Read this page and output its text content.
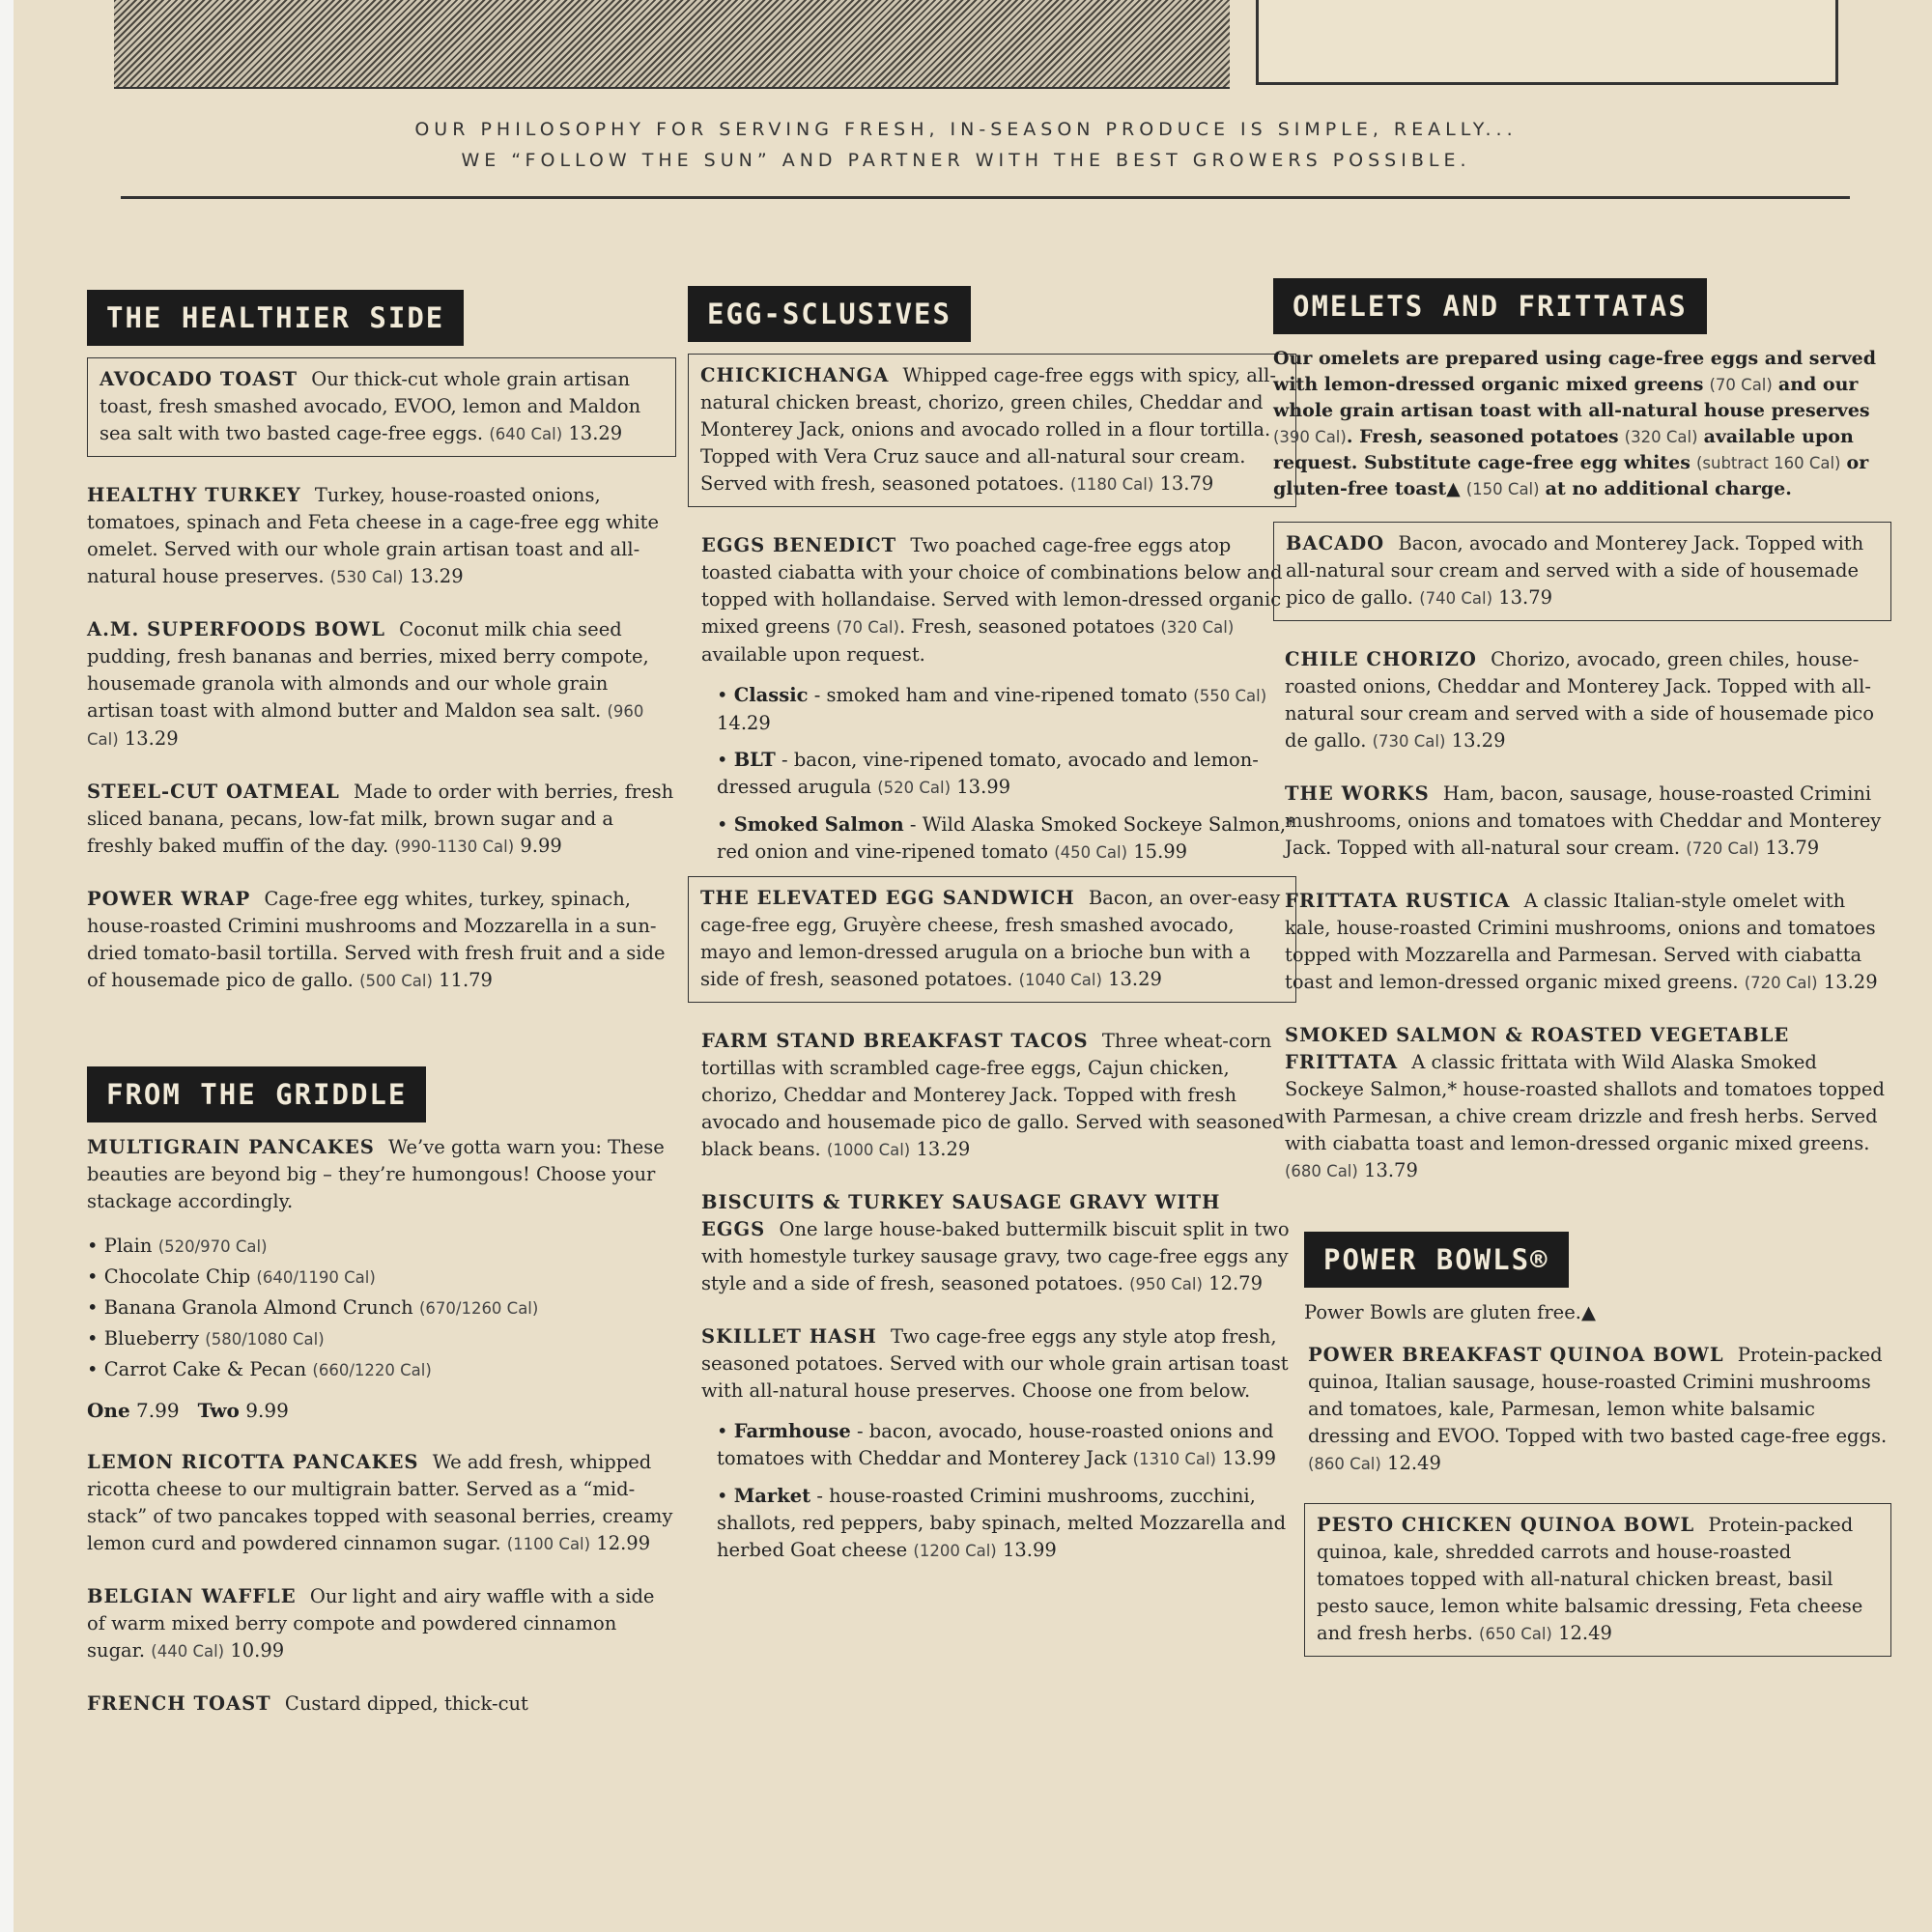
OUR PHILOSOPHY FOR SERVING FRESH, IN-SEASON PRODUCE IS SIMPLE, REALLY...
WE “FOLLOW THE SUN” AND PARTNER WITH THE BEST GROWERS POSSIBLE.
THE HEALTHIER SIDE
AVOCADO TOAST Our thick-cut whole grain artisan toast, fresh smashed avocado, EVOO, lemon and Maldon sea salt with two basted cage-free eggs. (640 Cal) 13.29
HEALTHY TURKEY Turkey, house-roasted onions, tomatoes, spinach and Feta cheese in a cage-free egg white omelet. Served with our whole grain artisan toast and all-natural house preserves. (530 Cal) 13.29
A.M. SUPERFOODS BOWL Coconut milk chia seed pudding, fresh bananas and berries, mixed berry compote, housemade granola with almonds and our whole grain artisan toast with almond butter and Maldon sea salt. (960 Cal) 13.29
STEEL-CUT OATMEAL Made to order with berries, fresh sliced banana, pecans, low-fat milk, brown sugar and a freshly baked muffin of the day. (990-1130 Cal) 9.99
POWER WRAP Cage-free egg whites, turkey, spinach, house-roasted Crimini mushrooms and Mozzarella in a sun-dried tomato-basil tortilla. Served with fresh fruit and a side of housemade pico de gallo. (500 Cal) 11.79
FROM THE GRIDDLE
MULTIGRAIN PANCAKES We’ve gotta warn you: These beauties are beyond big – they’re humongous! Choose your stackage accordingly.
• Plain (520/970 Cal)
• Chocolate Chip (640/1190 Cal)
• Banana Granola Almond Crunch (670/1260 Cal)
• Blueberry (580/1080 Cal)
• Carrot Cake & Pecan (660/1220 Cal)
One 7.99 Two 9.99
LEMON RICOTTA PANCAKES We add fresh, whipped ricotta cheese to our multigrain batter. Served as a “mid-stack” of two pancakes topped with seasonal berries, creamy lemon curd and powdered cinnamon sugar. (1100 Cal) 12.99
BELGIAN WAFFLE Our light and airy waffle with a side of warm mixed berry compote and powdered cinnamon sugar. (440 Cal) 10.99
FRENCH TOAST Custard dipped, thick-cut
EGG-SCLUSIVES
CHICKICHANGA Whipped cage-free eggs with spicy, all-natural chicken breast, chorizo, green chiles, Cheddar and Monterey Jack, onions and avocado rolled in a flour tortilla. Topped with Vera Cruz sauce and all-natural sour cream. Served with fresh, seasoned potatoes. (1180 Cal) 13.79
EGGS BENEDICT Two poached cage-free eggs atop toasted ciabatta with your choice of combinations below and topped with hollandaise. Served with lemon-dressed organic mixed greens (70 Cal). Fresh, seasoned potatoes (320 Cal) available upon request.
• Classic - smoked ham and vine-ripened tomato (550 Cal) 14.29
• BLT - bacon, vine-ripened tomato, avocado and lemon-dressed arugula (520 Cal) 13.99
• Smoked Salmon - Wild Alaska Smoked Sockeye Salmon,* red onion and vine-ripened tomato (450 Cal) 15.99
THE ELEVATED EGG SANDWICH Bacon, an over-easy cage-free egg, Gruyère cheese, fresh smashed avocado, mayo and lemon-dressed arugula on a brioche bun with a side of fresh, seasoned potatoes. (1040 Cal) 13.29
FARM STAND BREAKFAST TACOS Three wheat-corn tortillas with scrambled cage-free eggs, Cajun chicken, chorizo, Cheddar and Monterey Jack. Topped with fresh avocado and housemade pico de gallo. Served with seasoned black beans. (1000 Cal) 13.29
BISCUITS & TURKEY SAUSAGE GRAVY WITH EGGS One large house-baked buttermilk biscuit split in two with homestyle turkey sausage gravy, two cage-free eggs any style and a side of fresh, seasoned potatoes. (950 Cal) 12.79
SKILLET HASH Two cage-free eggs any style atop fresh, seasoned potatoes. Served with our whole grain artisan toast with all-natural house preserves. Choose one from below.
• Farmhouse - bacon, avocado, house-roasted onions and tomatoes with Cheddar and Monterey Jack (1310 Cal) 13.99
• Market - house-roasted Crimini mushrooms, zucchini, shallots, red peppers, baby spinach, melted Mozzarella and herbed Goat cheese (1200 Cal) 13.99
OMELETS AND FRITTATAS
Our omelets are prepared using cage-free eggs and served with lemon-dressed organic mixed greens (70 Cal) and our whole grain artisan toast with all-natural house preserves (390 Cal). Fresh, seasoned potatoes (320 Cal) available upon request. Substitute cage-free egg whites (subtract 160 Cal) or gluten-free toast▲ (150 Cal) at no additional charge.
BACADO Bacon, avocado and Monterey Jack. Topped with all-natural sour cream and served with a side of housemade pico de gallo. (740 Cal) 13.79
CHILE CHORIZO Chorizo, avocado, green chiles, house-roasted onions, Cheddar and Monterey Jack. Topped with all-natural sour cream and served with a side of housemade pico de gallo. (730 Cal) 13.29
THE WORKS Ham, bacon, sausage, house-roasted Crimini mushrooms, onions and tomatoes with Cheddar and Monterey Jack. Topped with all-natural sour cream. (720 Cal) 13.79
FRITTATA RUSTICA A classic Italian-style omelet with kale, house-roasted Crimini mushrooms, onions and tomatoes topped with Mozzarella and Parmesan. Served with ciabatta toast and lemon-dressed organic mixed greens. (720 Cal) 13.29
SMOKED SALMON & ROASTED VEGETABLE FRITTATA A classic frittata with Wild Alaska Smoked Sockeye Salmon,* house-roasted shallots and tomatoes topped with Parmesan, a chive cream drizzle and fresh herbs. Served with ciabatta toast and lemon-dressed organic mixed greens. (680 Cal) 13.79
POWER BOWLS®
Power Bowls are gluten free.▲
POWER BREAKFAST QUINOA BOWL Protein-packed quinoa, Italian sausage, house-roasted Crimini mushrooms and tomatoes, kale, Parmesan, lemon white balsamic dressing and EVOO. Topped with two basted cage-free eggs. (860 Cal) 12.49
PESTO CHICKEN QUINOA BOWL Protein-packed quinoa, kale, shredded carrots and house-roasted tomatoes topped with all-natural chicken breast, basil pesto sauce, lemon white balsamic dressing, Feta cheese and fresh herbs. (650 Cal) 12.49
